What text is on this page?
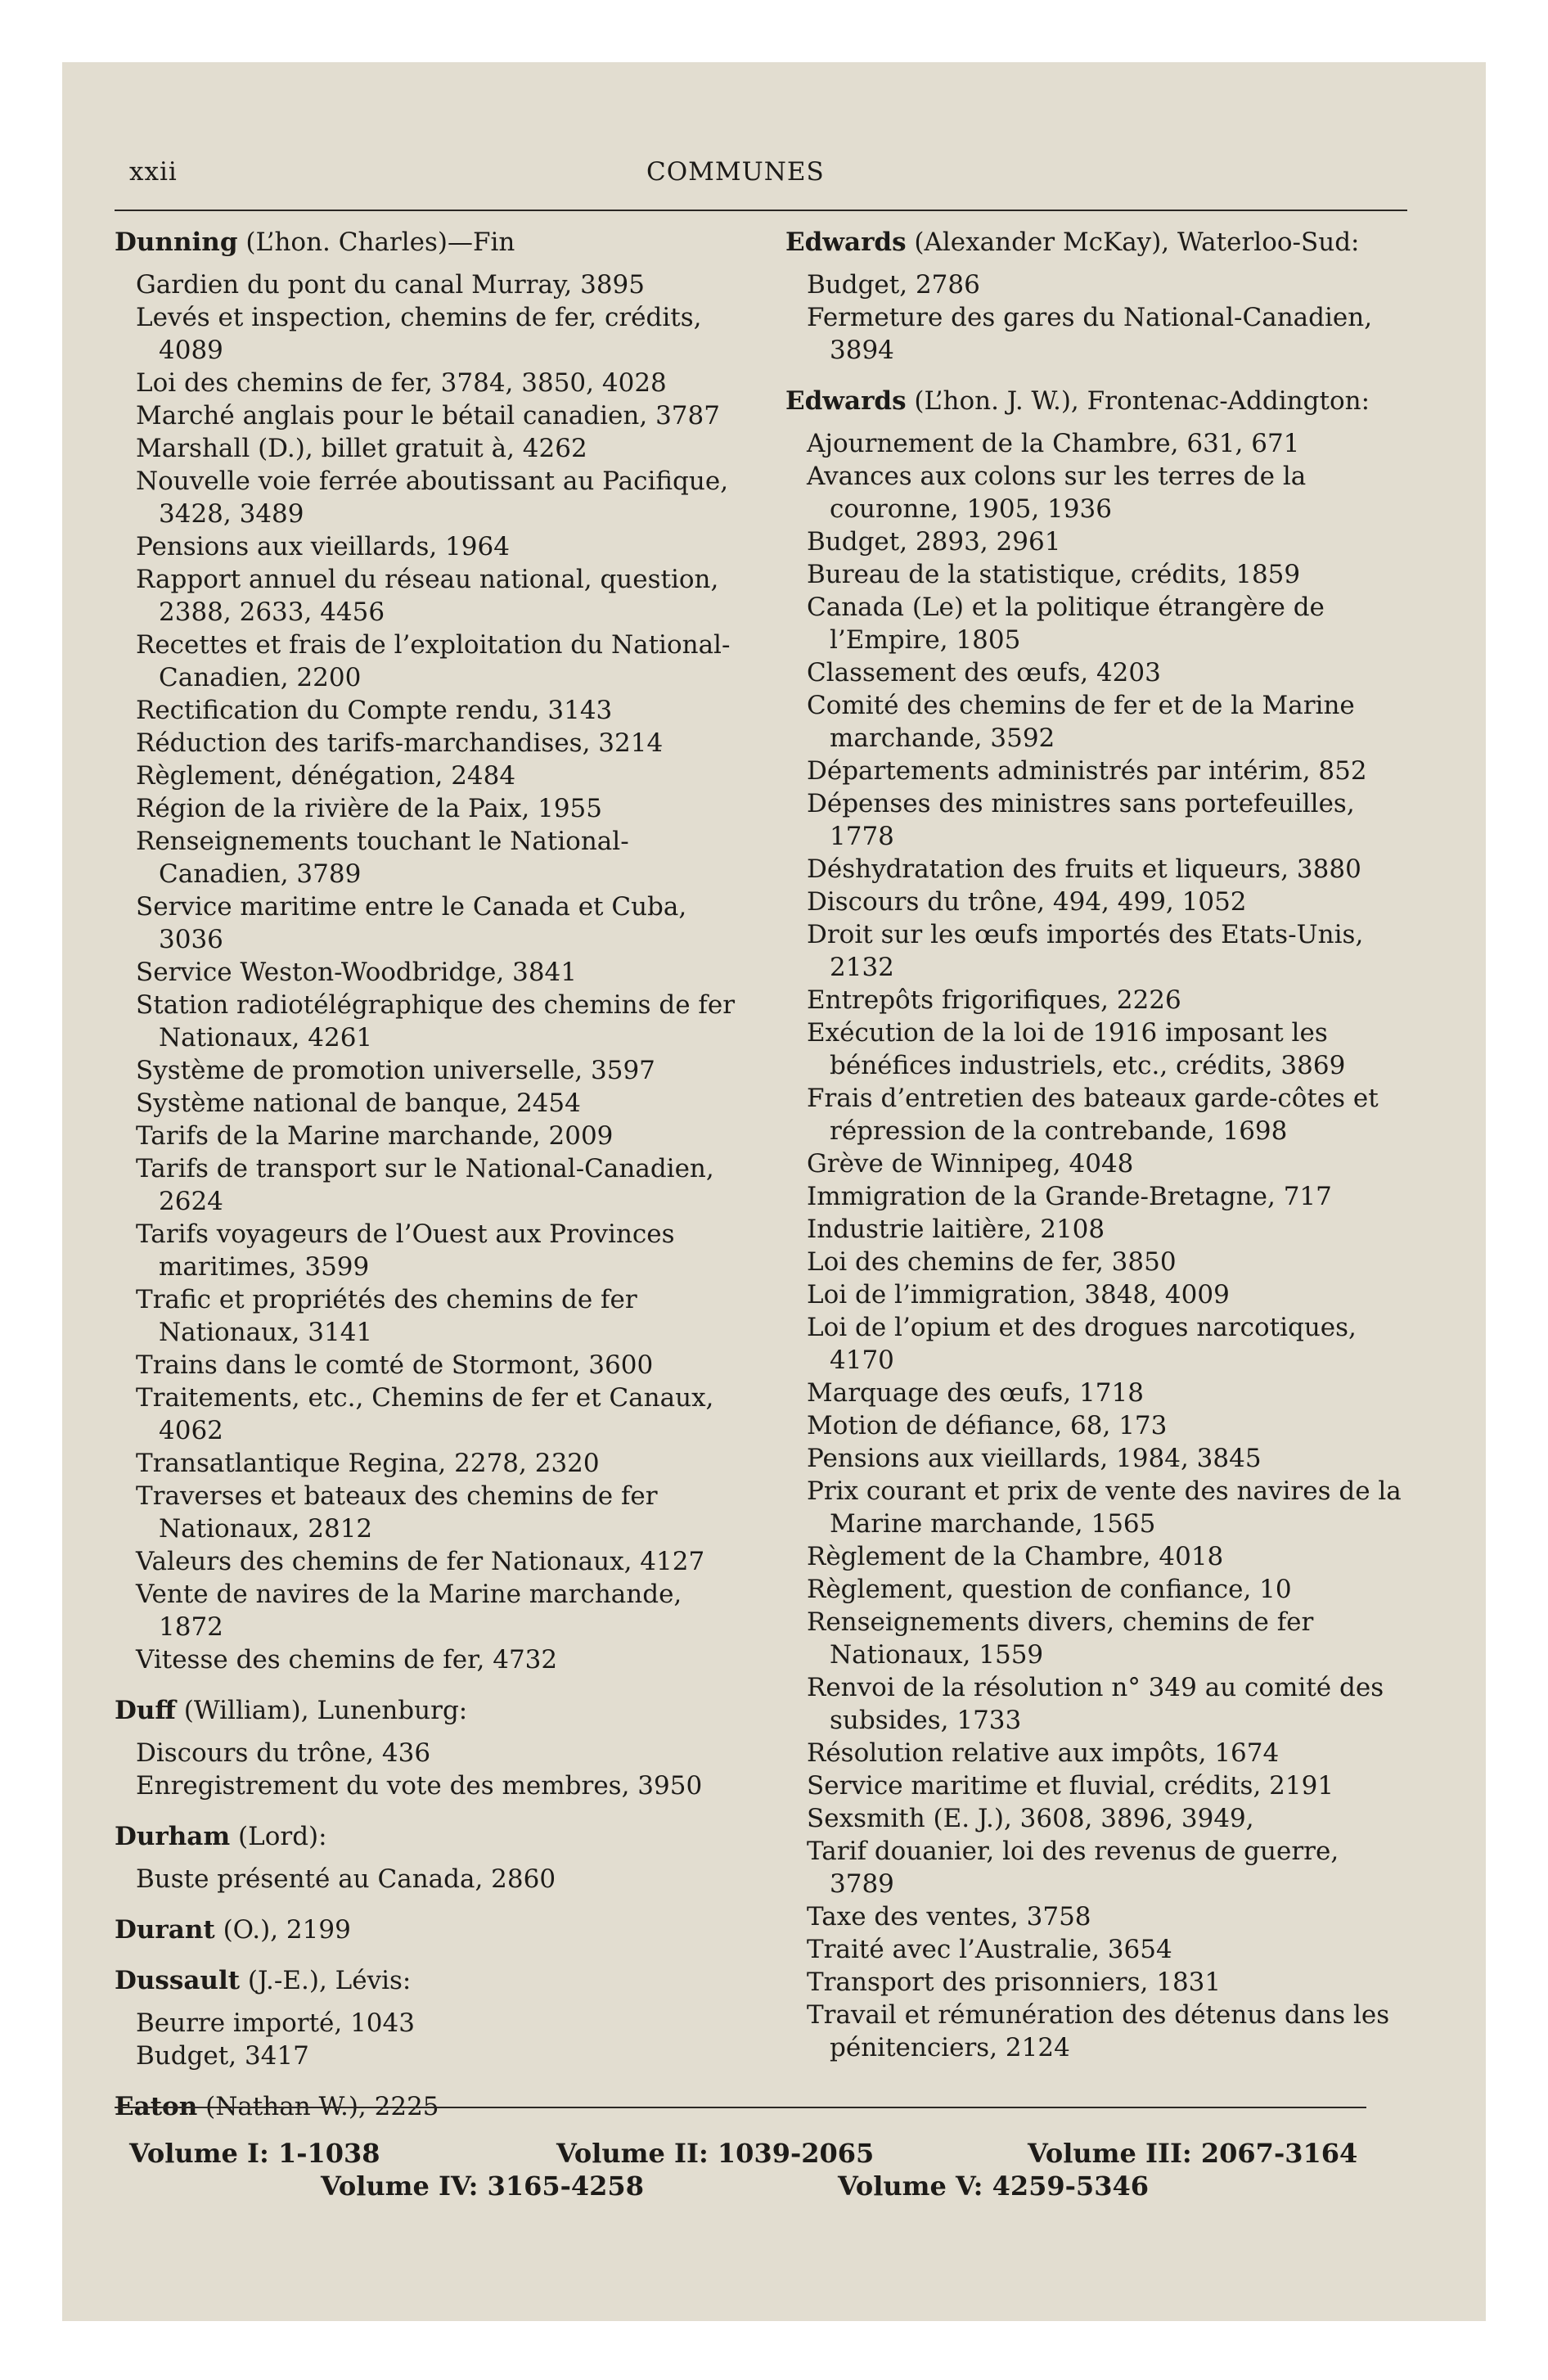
xxii	COMMUNES
Dunning (L’hon. Charles)—Fin
Gardien du pont du canal Murray, 3895
Levés et inspection, chemins de fer, crédits, 4089
Loi des chemins de fer, 3784, 3850, 4028
Marché anglais pour le bétail canadien, 3787
Marshall (D.), billet gratuit à, 4262
Nouvelle voie ferrée aboutissant au Pacifique, 3428, 3489
Pensions aux vieillards, 1964
Rapport annuel du réseau national, question, 2388, 2633, 4456
Recettes et frais de l’exploitation du National-Canadien, 2200
Rectification du Compte rendu, 3143
Réduction des tarifs-marchandises, 3214
Règlement, dénégation, 2484
Région de la rivière de la Paix, 1955
Renseignements touchant le National-Canadien, 3789
Service maritime entre le Canada et Cuba, 3036
Service Weston-Woodbridge, 3841
Station radiotélégraphique des chemins de fer Nationaux, 4261
Système de promotion universelle, 3597
Système national de banque, 2454
Tarifs de la Marine marchande, 2009
Tarifs de transport sur le National-Canadien, 2624
Tarifs voyageurs de l’Ouest aux Provinces maritimes, 3599
Trafic et propriétés des chemins de fer Nationaux, 3141
Trains dans le comté de Stormont, 3600
Traitements, etc., Chemins de fer et Canaux, 4062
Transatlantique Regina, 2278, 2320
Traverses et bateaux des chemins de fer Nationaux, 2812
Valeurs des chemins de fer Nationaux, 4127
Vente de navires de la Marine marchande, 1872
Vitesse des chemins de fer, 4732
Duff (William), Lunenburg:
Discours du trône, 436
Enregistrement du vote des membres, 3950
Durham (Lord):
Buste présenté au Canada, 2860
Durant (O.), 2199
Dussault (J.-E.), Lévis:
Beurre importé, 1043
Budget, 3417
Eaton (Nathan W.), 2225
Edwards (Alexander McKay), Waterloo-Sud:
Budget, 2786
Fermeture des gares du National-Canadien, 3894
Edwards (L’hon. J. W.), Frontenac-Addington:
Ajournement de la Chambre, 631, 671
Avances aux colons sur les terres de la couronne, 1905, 1936
Budget, 2893, 2961
Bureau de la statistique, crédits, 1859
Canada (Le) et la politique étrangère de l’Empire, 1805
Classement des œufs, 4203
Comité des chemins de fer et de la Marine marchande, 3592
Départements administrés par intérim, 852
Dépenses des ministres sans portefeuilles, 1778
Déshydratation des fruits et liqueurs, 3880
Discours du trône, 494, 499, 1052
Droit sur les œufs importés des Etats-Unis, 2132
Entrepôts frigorifiques, 2226
Exécution de la loi de 1916 imposant les bénéfices industriels, etc., crédits, 3869
Frais d’entretien des bateaux garde-côtes et répression de la contrebande, 1698
Grève de Winnipeg, 4048
Immigration de la Grande-Bretagne, 717
Industrie laitière, 2108
Loi des chemins de fer, 3850
Loi de l’immigration, 3848, 4009
Loi de l’opium et des drogues narcotiques, 4170
Marquage des œufs, 1718
Motion de défiance, 68, 173
Pensions aux vieillards, 1984, 3845
Prix courant et prix de vente des navires de la Marine marchande, 1565
Règlement de la Chambre, 4018
Règlement, question de confiance, 10
Renseignements divers, chemins de fer Nationaux, 1559
Renvoi de la résolution n° 349 au comité des subsides, 1733
Résolution relative aux impôts, 1674
Service maritime et fluvial, crédits, 2191
Sexsmith (E. J.), 3608, 3896, 3949,
Tarif douanier, loi des revenus de guerre, 3789
Taxe des ventes, 3758
Traité avec l’Australie, 3654
Transport des prisonniers, 1831
Travail et rémunération des détenus dans les pénitenciers, 2124
Volume I: 1-1038	Volume II: 1039-2065	Volume III: 2067-3164
Volume IV: 3165-4258	Volume V: 4259-5346
